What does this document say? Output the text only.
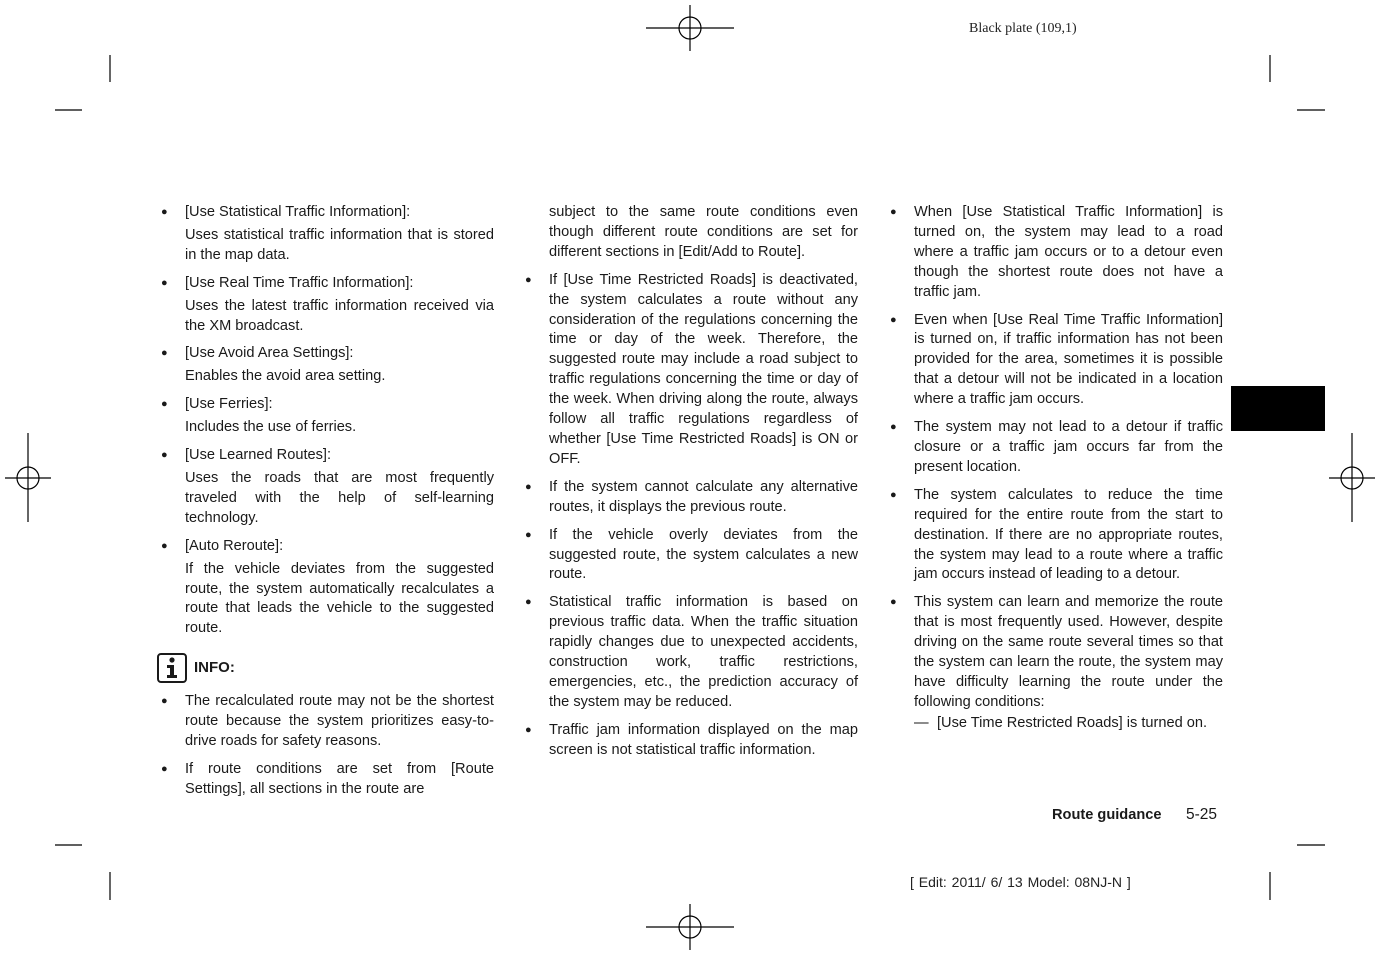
Black plate (109,1)
● [Use Statistical Traffic Information]:
Uses statistical traffic information that is stored in the map data.
● [Use Real Time Traffic Information]:
Uses the latest traffic information received via the XM broadcast.
● [Use Avoid Area Settings]:
Enables the avoid area setting.
● [Use Ferries]:
Includes the use of ferries.
● [Use Learned Routes]:
Uses the roads that are most frequently traveled with the help of self-learning technology.
● [Auto Reroute]:
If the vehicle deviates from the suggested route, the system automatically recalculates a route that leads the vehicle to the suggested route.
INFO:
● The recalculated route may not be the shortest route because the system prioritizes easy-to-drive roads for safety reasons.

● If route conditions are set from [Route Settings], all sections in the route are

subject to the same route conditions even though different route conditions are set for different sections in [Edit/Add to Route].
● If [Use Time Restricted Roads] is deactivated, the system calculates a route without any consideration of the regulations concerning the time or day of the week. Therefore, the suggested route may include a road subject to traffic regulations concerning the time or day of the week. When driving along the route, always follow all traffic regulations regardless of whether [Use Time Restricted Roads] is ON or OFF.

● If the system cannot calculate any alternative routes, it displays the previous route.

● If the vehicle overly deviates from the suggested route, the system calculates a new route.

● Statistical traffic information is based on previous traffic data. When the traffic situation rapidly changes due to unexpected accidents, construction work, traffic restrictions, emergencies, etc., the prediction accuracy of the system may be reduced.

● Traffic jam information displayed on the map screen is not statistical traffic information.

● When [Use Statistical Traffic Information] is turned on, the system may lead to a road where a traffic jam occurs or to a detour even though the shortest route does not have a traffic jam.

● Even when [Use Real Time Traffic Information] is turned on, if traffic information has not been provided for the area, sometimes it is possible that a detour will not be indicated in a location where a traffic jam occurs.

● The system may not lead to a detour if traffic closure or a traffic jam occurs far from the present location.

● The system calculates to reduce the time required for the entire route from the start to destination. If there are no appropriate routes, the system may lead to a route where a traffic jam occurs instead of leading to a detour.

● This system can learn and memorize the route that is most frequently used. However, despite driving on the same route several times so that the system can learn the route, the system may have difficulty learning the route under the following conditions:

— [Use Time Restricted Roads] is turned on.
Route guidance 5-25
[ Edit: 2011/ 6/ 13 Model: 08NJ-N ]
